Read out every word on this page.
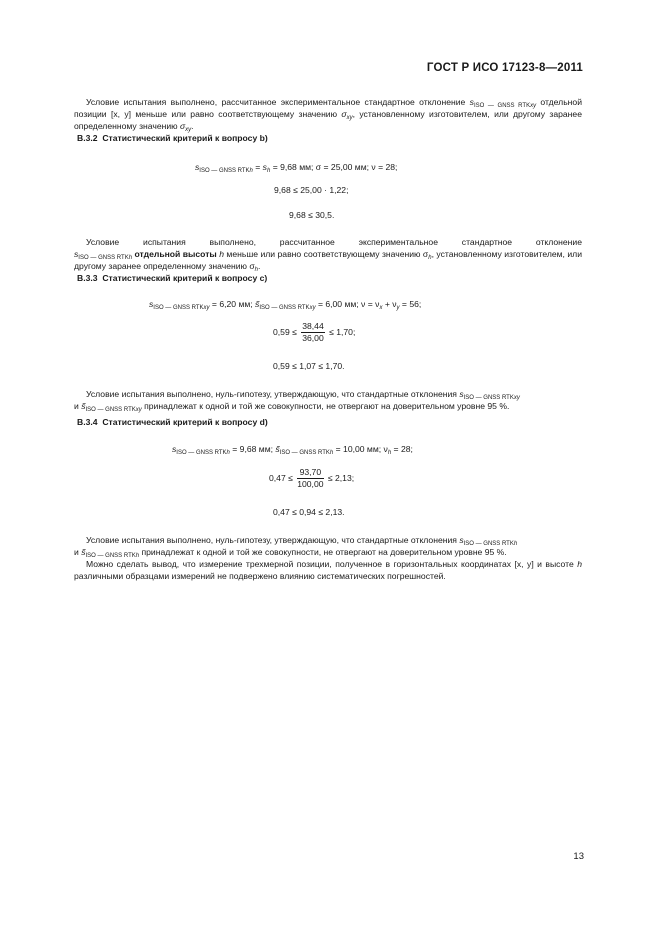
ГОСТ Р ИСО 17123-8—2011

Условие испытания выполнено, рассчитанное экспериментальное стандартное отклонение $s_{ISO — GNSS RTKxy}$ отдельной позиции [x, y] меньше или равно соответствующему значению $\sigma_{xy}$, установленному изготовителем, или другому заранее определенному значению $\sigma_{xy}$.

B.3.2 Статистический критерий к вопросу b)
$s_{ISO — GNSS RTKh} = s_h = 9,68$ мм; σ = 25,00 мм; ν = 28;
9,68 ≤ 25,00 · 1,22;
9,68 ≤ 30,5.

Условие испытания выполнено, рассчитанное экспериментальное стандартное отклонение

$s_{ISO — GNSS RTKh}$ отдельной высоты h меньше или равно соответствующему значению $\sigma_h$, установленному изготовителем, или другому заранее определенному значению $\sigma_h$.

B.3.3 Статистический критерий к вопросу c)
$s_{ISO — GNSS RTKxy} = 6,20$ мм; $s̃_{ISO — GNSS RTKxy} = 6,00$ мм; $\nu = \nu_x + \nu_y = 56$;
$0,59 \le \frac{38,44}{36,00} \le 1,70$;
0,59 ≤ 1,07 ≤ 1,70.

Условие испытания выполнено, нуль-гипотезу, утверждающую, что стандартные отклонения $s_{ISO — GNSS RTKxy}$

и $s̃_{ISO — GNSS RTKxy}$ принадлежат к одной и той же совокупности, не отвергают на доверительном уровне 95 %.

B.3.4 Статистический критерий к вопросу d)
$s_{ISO — GNSS RTKh} = 9,68$ мм; $s̃_{ISO — GNSS RTKh} = 10,00$ мм; $\nu_h = 28$;
$0,47 \le \frac{93,70}{100,00} \le 2,13$;
0,47 ≤ 0,94 ≤ 2,13.

Условие испытания выполнено, нуль-гипотезу, утверждающую, что стандартные отклонения $s_{ISO — GNSS RTKh}$

и $s̃_{ISO — GNSS RTKh}$ принадлежат к одной и той же совокупности, не отвергают на доверительном уровне 95 %.

Можно сделать вывод, что измерение трехмерной позиции, полученное в горизонтальных координатах [x, y] и высоте h различными образцами измерений не подвержено влиянию систематических погрешностей.

13
